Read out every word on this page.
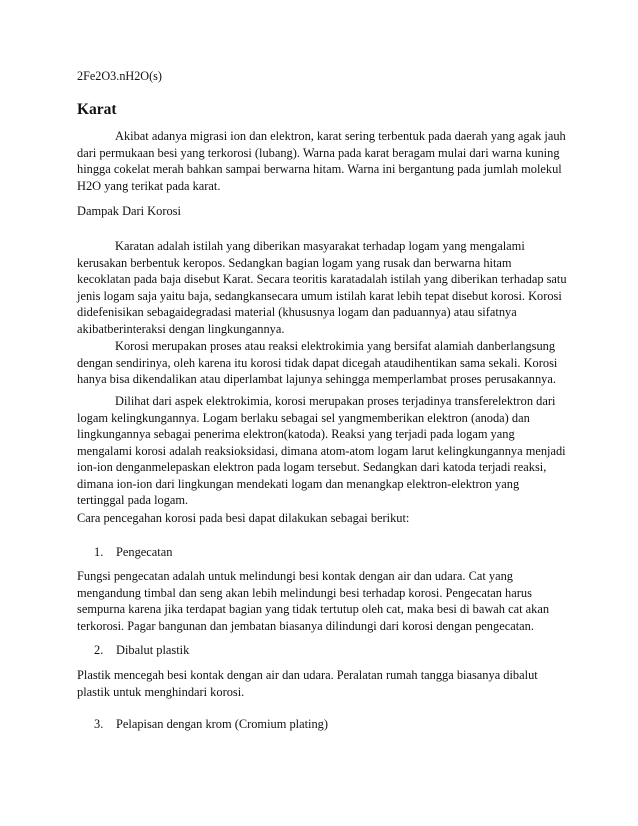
2Fe2O3.nH2O(s)
Karat

Akibat adanya migrasi ion dan elektron, karat sering terbentuk pada daerah yang agak jauh dari permukaan besi yang terkorosi (lubang). Warna pada karat beragam mulai dari warna kuning hingga cokelat merah bahkan sampai berwarna hitam. Warna ini bergantung pada jumlah molekul H2O yang terikat pada karat.

Dampak Dari Korosi

Karatan adalah istilah yang diberikan masyarakat terhadap logam yang mengalami kerusakan berbentuk keropos. Sedangkan bagian logam yang rusak dan berwarna hitam kecoklatan pada baja disebut Karat. Secara teoritis karatadalah istilah yang diberikan terhadap satu jenis logam saja yaitu baja, sedangkansecara umum istilah karat lebih tepat disebut korosi. Korosi didefenisikan sebagaidegradasi material (khususnya logam dan paduannya) atau sifatnya akibatberinteraksi dengan lingkungannya.

Korosi merupakan proses atau reaksi elektrokimia yang bersifat alamiah danberlangsung dengan sendirinya, oleh karena itu korosi tidak dapat dicegah ataudihentikan sama sekali. Korosi hanya bisa dikendalikan atau diperlambat lajunya sehingga memperlambat proses perusakannya.

Dilihat dari aspek elektrokimia, korosi merupakan proses terjadinya transferelektron dari logam kelingkungannya. Logam berlaku sebagai sel yangmemberikan elektron (anoda) dan lingkungannya sebagai penerima elektron(katoda). Reaksi yang terjadi pada logam yang mengalami korosi adalah reaksioksidasi, dimana atom-atom logam larut kelingkungannya menjadi ion-ion denganmelepaskan elektron pada logam tersebut. Sedangkan dari katoda terjadi reaksi, dimana ion-ion dari lingkungan mendekati logam dan menangkap elektron-elektron yang tertinggal pada logam.

Cara pencegahan korosi pada besi dapat dilakukan sebagai berikut:
1. Pengecatan

Fungsi pengecatan adalah untuk melindungi besi kontak dengan air dan udara. Cat yang mengandung timbal dan seng akan lebih melindungi besi terhadap korosi. Pengecatan harus sempurna karena jika terdapat bagian yang tidak tertutup oleh cat, maka besi di bawah cat akan terkorosi. Pagar bangunan dan jembatan biasanya dilindungi dari korosi dengan pengecatan.

2. Dibalut plastik

Plastik mencegah besi kontak dengan air dan udara. Peralatan rumah tangga biasanya dibalut plastik untuk menghindari korosi.

3. Pelapisan dengan krom (Cromium plating)
